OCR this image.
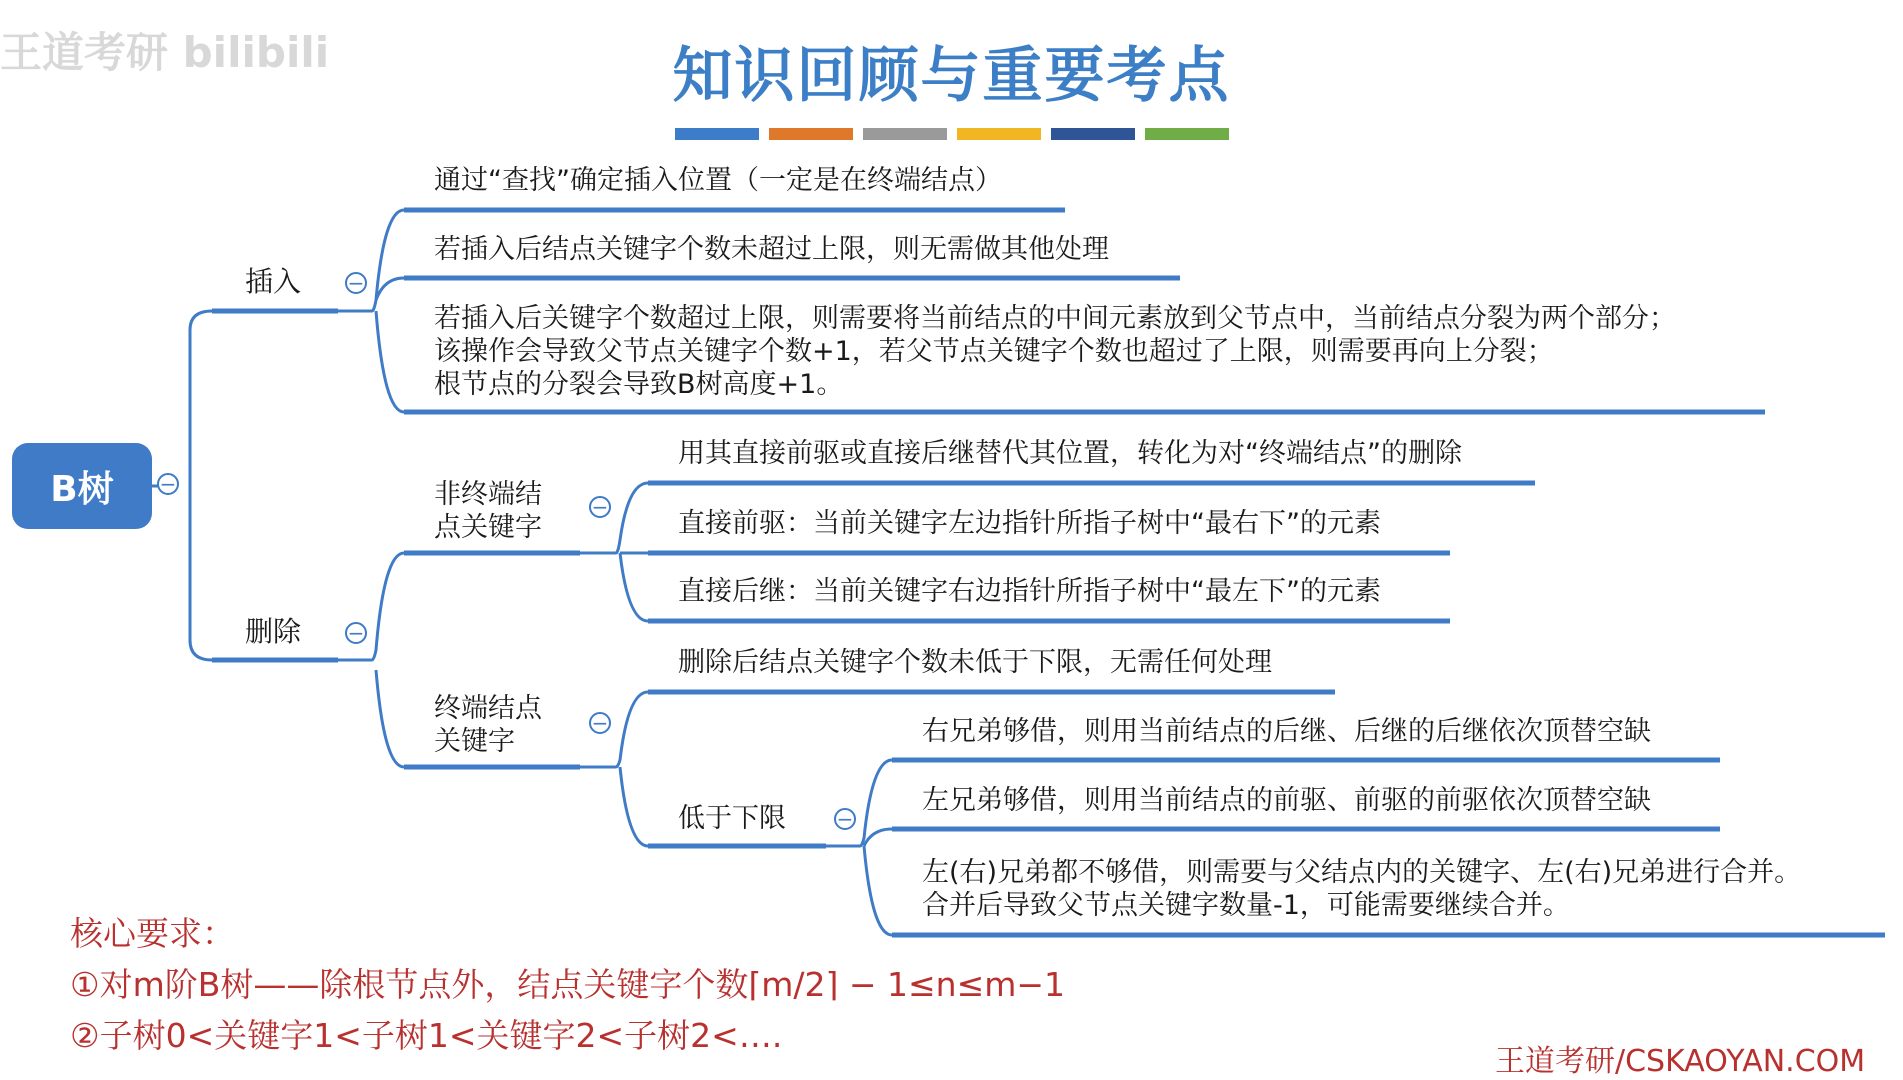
王道考研 bilibili	知识回顾与重要考点
B树	−
插入 −
通过“查找”确定插入位置（一定是在终端结点）
若插入后结点关键字个数未超过上限，则无需做其他处理
若插入后关键字个数超过上限，则需要将当前结点的中间元素放到父节点中，当前结点分裂为两个部分；
该操作会导致父节点关键字个数+1，若父节点关键字个数也超过了上限，则需要再向上分裂；
根节点的分裂会导致B树高度+1。
删除 −
非终端结
点关键字
−
用其直接前驱或直接后继替代其位置，转化为对“终端结点”的删除
直接前驱：当前关键字左边指针所指子树中“最右下”的元素
直接后继：当前关键字右边指针所指子树中“最左下”的元素
终端结点
关键字
−
删除后结点关键字个数未低于下限，无需任何处理
低于下限	−
右兄弟够借，则用当前结点的后继、后继的后继依次顶替空缺
左兄弟够借，则用当前结点的前驱、前驱的前驱依次顶替空缺
左(右)兄弟都不够借，则需要与父结点内的关键字、左(右)兄弟进行合并。
合并后导致父节点关键字数量-1，可能需要继续合并。
核心要求：
①对m阶B树——除根节点外，结点关键字个数⌈m/2⌉ − 1≤n≤m−1
②子树0<关键字1<子树1<关键字2<子树2<….
王道考研/CSKAOYAN.COM
